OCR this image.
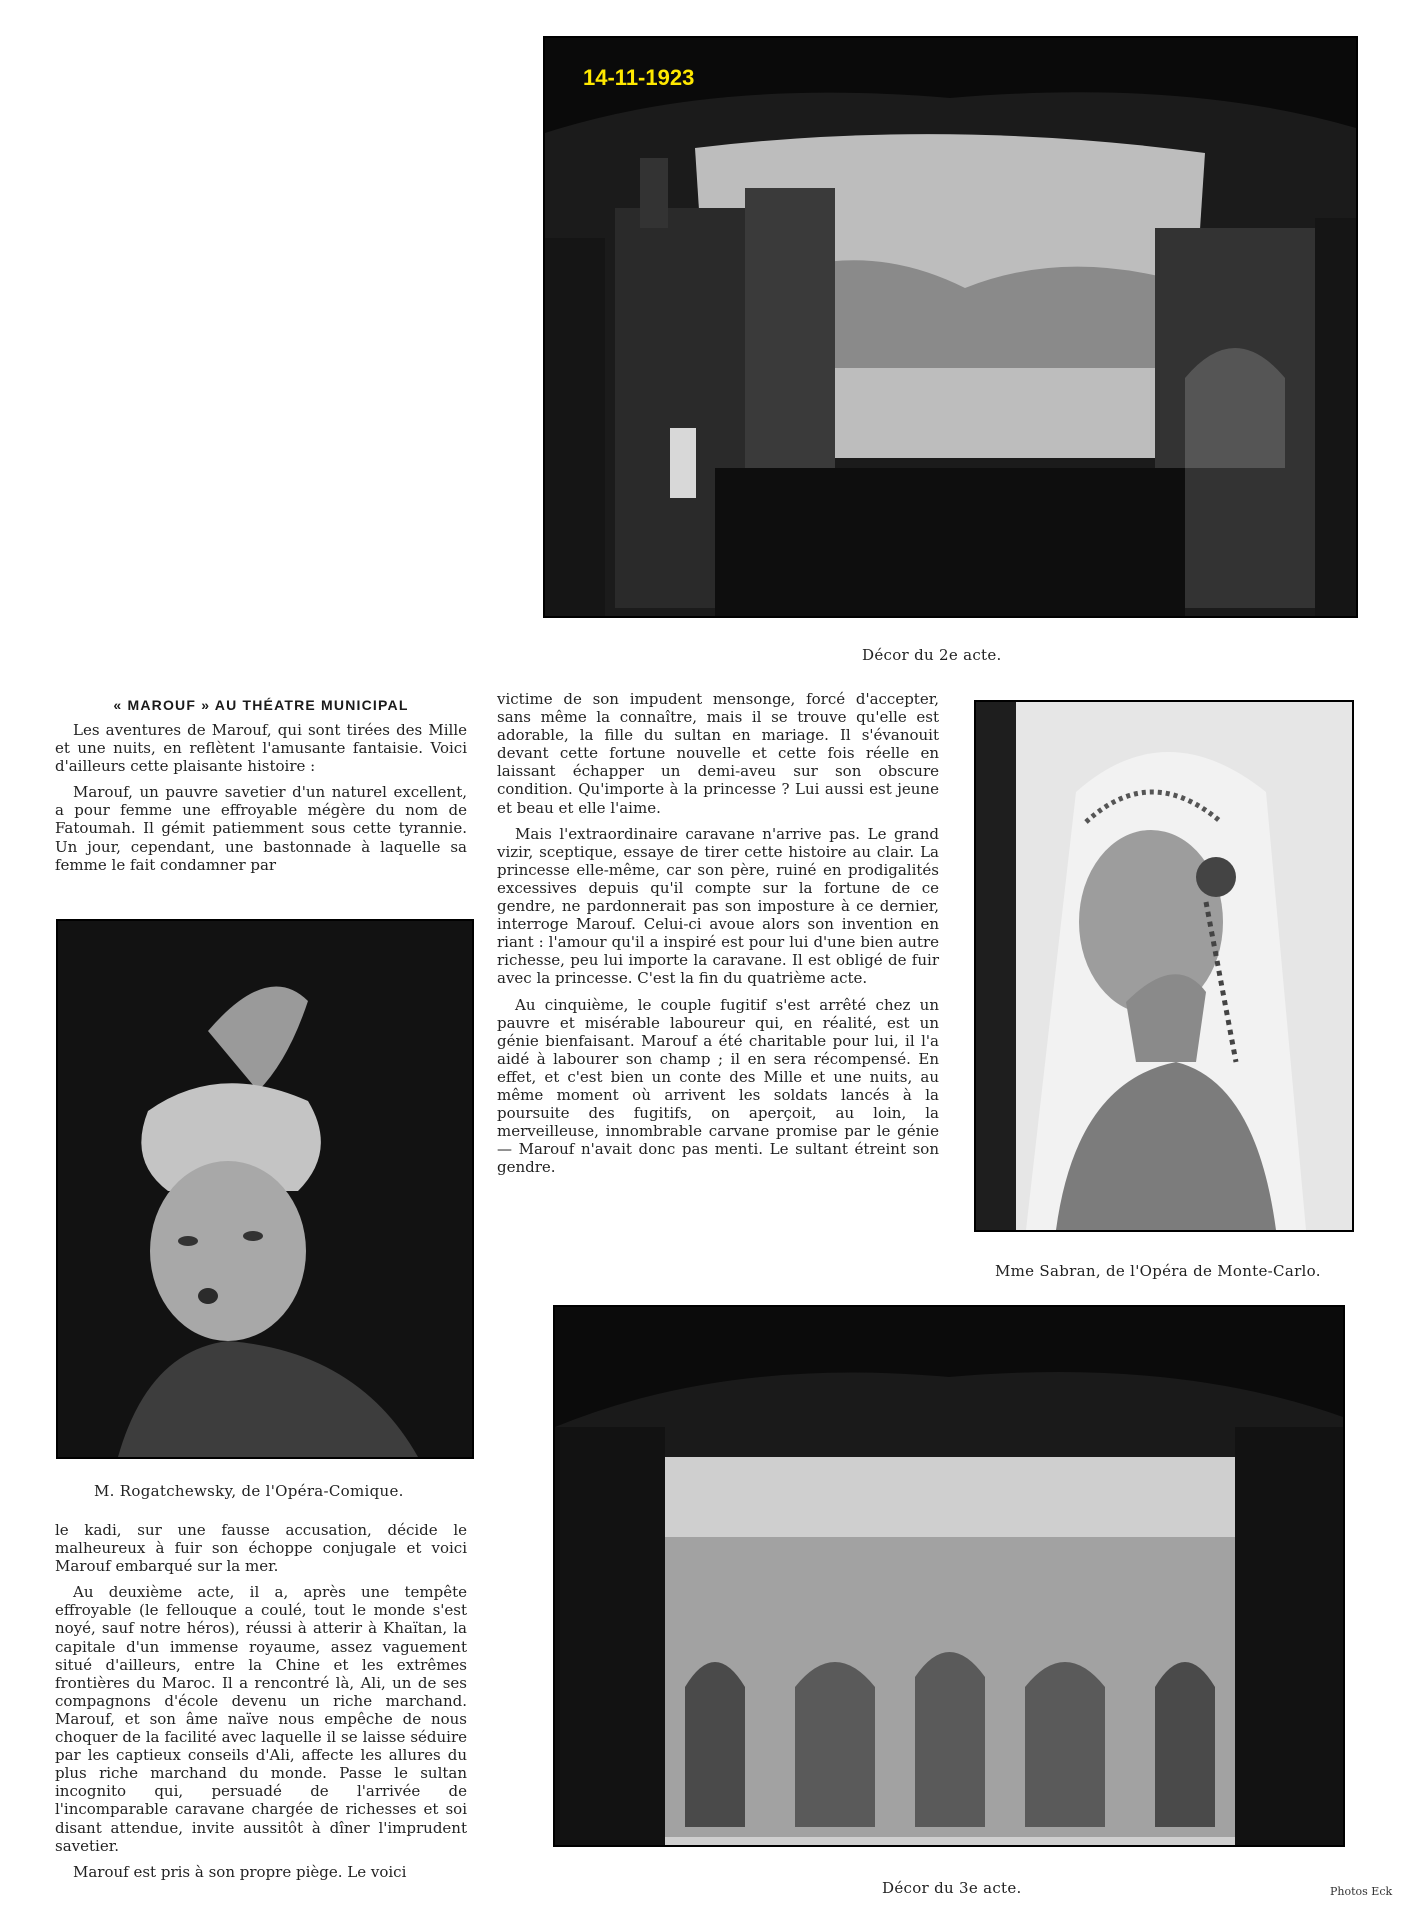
14-11-1923
Décor du 2e acte.
« MAROUF » AU THÉATRE MUNICIPAL

Les aventures de Marouf, qui sont tirées des Mille et une nuits, en reflètent l'amusante fantaisie. Voici d'ailleurs cette plaisante histoire :

Marouf, un pauvre savetier d'un naturel excellent, a pour femme une effroyable mégère du nom de Fatoumah. Il gémit patiemment sous cette tyrannie. Un jour, cependant, une bastonnade à laquelle sa femme le fait condamner par

M. Rogatchewsky, de l'Opéra-Comique.

le kadi, sur une fausse accusation, décide le malheureux à fuir son échoppe conjugale et voici Marouf embarqué sur la mer.

Au deuxième acte, il a, après une tempête effroyable (le fellouque a coulé, tout le monde s'est noyé, sauf notre héros), réussi à atterir à Khaïtan, la capitale d'un immense royaume, assez vaguement situé d'ailleurs, entre la Chine et les extrêmes frontières du Maroc. Il a rencontré là, Ali, un de ses compagnons d'école devenu un riche marchand. Marouf, et son âme naïve nous empêche de nous choquer de la facilité avec laquelle il se laisse séduire par les captieux conseils d'Ali, affecte les allures du plus riche marchand du monde. Passe le sultan incognito qui, persuadé de l'arrivée de l'incomparable caravane chargée de richesses et soi disant attendue, invite aussitôt à dîner l'imprudent savetier.

Marouf est pris à son propre piège. Le voici

victime de son impudent mensonge, forcé d'accepter, sans même la connaître, mais il se trouve qu'elle est adorable, la fille du sultan en mariage. Il s'évanouit devant cette fortune nouvelle et cette fois réelle en laissant échapper un demi-aveu sur son obscure condition. Qu'importe à la princesse ? Lui aussi est jeune et beau et elle l'aime.

Mais l'extraordinaire caravane n'arrive pas. Le grand vizir, sceptique, essaye de tirer cette histoire au clair. La princesse elle-même, car son père, ruiné en prodigalités excessives depuis qu'il compte sur la fortune de ce gendre, ne pardonnerait pas son imposture à ce dernier, interroge Marouf. Celui-ci avoue alors son invention en riant : l'amour qu'il a inspiré est pour lui d'une bien autre richesse, peu lui importe la caravane. Il est obligé de fuir avec la princesse. C'est la fin du quatrième acte.

Au cinquième, le couple fugitif s'est arrêté chez un pauvre et misérable laboureur qui, en réalité, est un génie bienfaisant. Marouf a été charitable pour lui, il l'a aidé à labourer son champ ; il en sera récompensé. En effet, et c'est bien un conte des Mille et une nuits, au même moment où arrivent les soldats lancés à la poursuite des fugitifs, on aperçoit, au loin, la merveilleuse, innombrable carvane promise par le génie — Marouf n'avait donc pas menti. Le sultant étreint son gendre.

Mme Sabran, de l'Opéra de Monte-Carlo.
Décor du 3e acte.	Photos Eck
